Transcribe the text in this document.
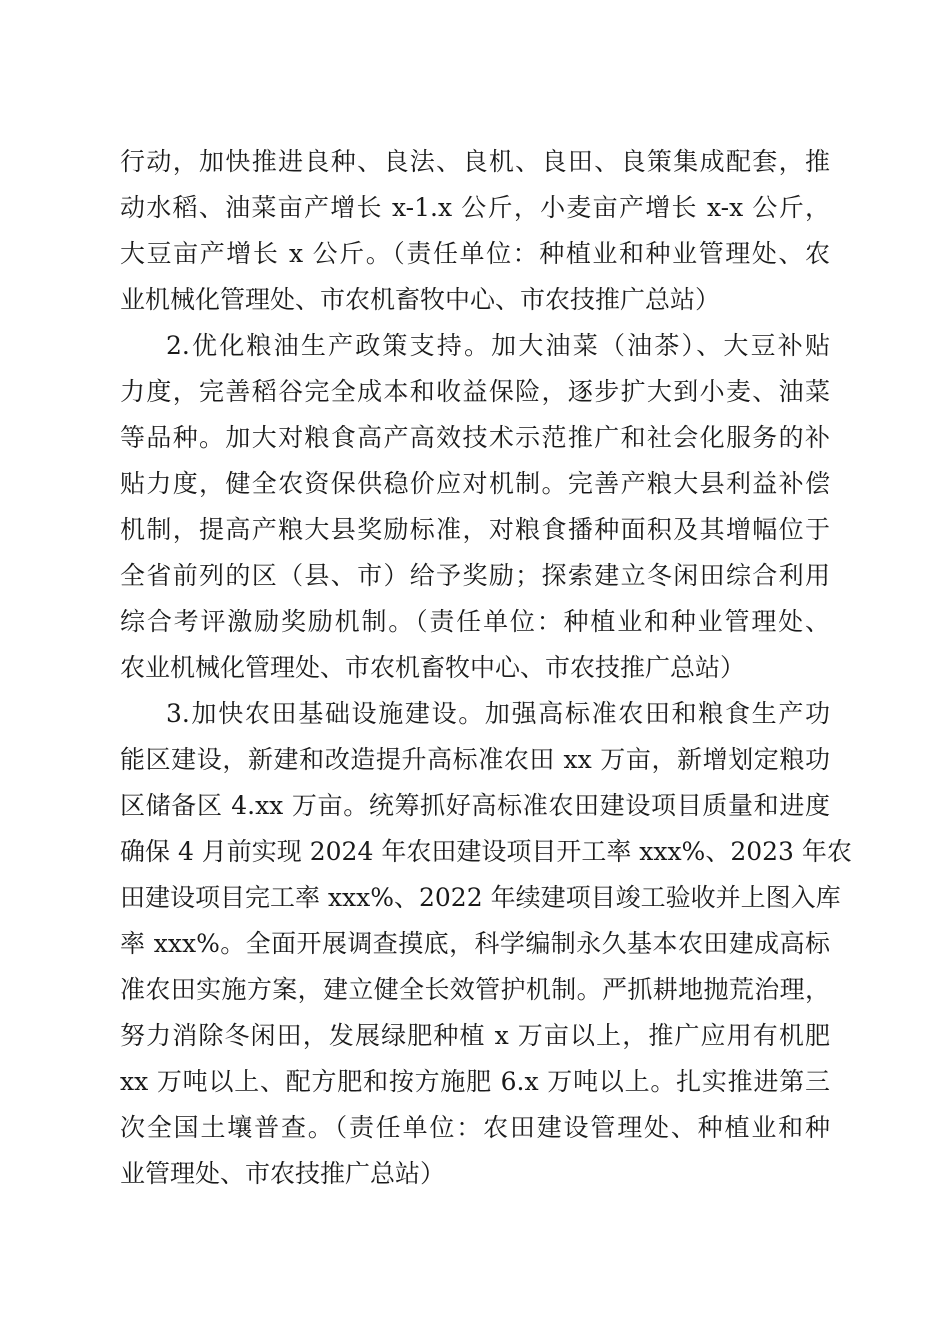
行动，加快推进良种、良法、良机、良田、良策集成配套，推

动水稻、油菜亩产增长 x-1.x 公斤，小麦亩产增长 x-x 公斤，

大豆亩产增长 x 公斤。（责任单位：种植业和种业管理处、农

业机械化管理处、市农机畜牧中心、市农技推广总站）

2.优化粮油生产政策支持。加大油菜（油茶）、大豆补贴

力度，完善稻谷完全成本和收益保险，逐步扩大到小麦、油菜

等品种。加大对粮食高产高效技术示范推广和社会化服务的补

贴力度，健全农资保供稳价应对机制。完善产粮大县利益补偿

机制，提高产粮大县奖励标准，对粮食播种面积及其增幅位于

全省前列的区（县、市）给予奖励；探索建立冬闲田综合利用

综合考评激励奖励机制。（责任单位：种植业和种业管理处、

农业机械化管理处、市农机畜牧中心、市农技推广总站）

3.加快农田基础设施建设。加强高标准农田和粮食生产功

能区建设，新建和改造提升高标准农田 xx 万亩，新增划定粮功

区储备区 4.xx 万亩。统筹抓好高标准农田建设项目质量和进度

确保 4 月前实现 2024 年农田建设项目开工率 xxx%、2023 年农

田建设项目完工率 xxx%、2022 年续建项目竣工验收并上图入库

率 xxx%。全面开展调查摸底，科学编制永久基本农田建成高标

准农田实施方案，建立健全长效管护机制。严抓耕地抛荒治理，

努力消除冬闲田，发展绿肥种植 x 万亩以上，推广应用有机肥

xx 万吨以上、配方肥和按方施肥 6.x 万吨以上。扎实推进第三

次全国土壤普查。（责任单位：农田建设管理处、种植业和种

业管理处、市农技推广总站）
